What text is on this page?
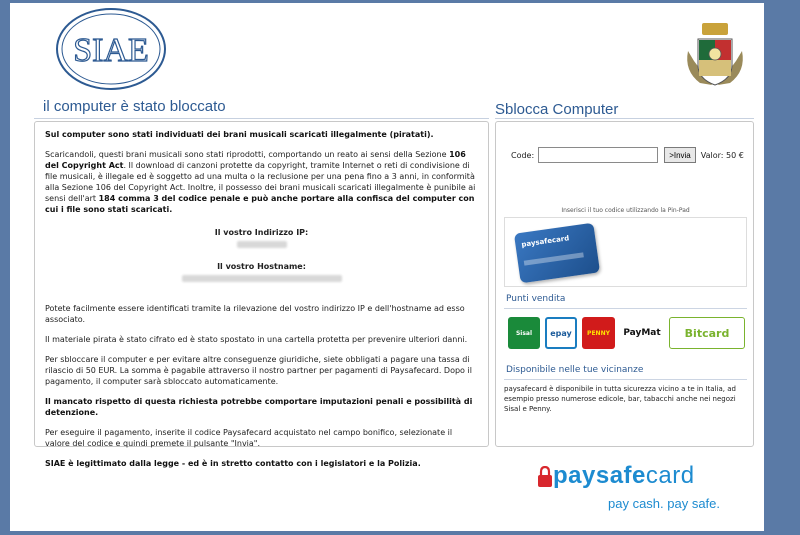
SIAE
il computer è stato bloccato	Sblocca Computer

Sul computer sono stati individuati dei brani musicali scaricati illegalmente (piratati).

Scaricandoli, questi brani musicali sono stati riprodotti, comportando un reato ai sensi della Sezione 106 del Copyright Act. Il download di canzoni protette da copyright, tramite Internet o reti di condivisione di file musicali, è illegale ed è soggetto ad una multa o la reclusione per una pena fino a 3 anni, in conformità alla Sezione 106 del Copyright Act. Inoltre, il possesso dei brani musicali scaricati illegalmente è punibile ai sensi dell'art 184 comma 3 del codice penale e può anche portare alla confisca del computer con cui i file sono stati scaricati.

Il vostro Indirizzo IP:

Il vostro Hostname:

Potete facilmente essere identificati tramite la rilevazione del vostro indirizzo IP e dell'hostname ad esso associato.

Il materiale pirata è stato cifrato ed è stato spostato in una cartella protetta per prevenire ulteriori danni.

Per sbloccare il computer e per evitare altre conseguenze giuridiche, siete obbligati a pagare una tassa di rilascio di 50 EUR. La somma è pagabile attraverso il nostro partner per pagamenti di Paysafecard. Dopo il pagamento, il computer sarà sbloccato automaticamente.

Il mancato rispetto di questa richiesta potrebbe comportare imputazioni penali e possibilità di detenzione.

Per eseguire il pagamento, inserite il codice Paysafecard acquistato nel campo bonifico, selezionate il valore del codice e quindi premete il pulsante "Invia".

SIAE è legittimato dalla legge - ed è in stretto contatto con i legislatori e la Polizia.

Code:	>Invia	Valor: 50 €
Inserisci il tuo codice utilizzando la Pin-Pad
paysafecard
Punti vendita
Sisal	epay	PENNY	PayMat	Bitcard
Disponibile nelle tue vicinanze
paysafecard è disponibile in tutta sicurezza vicino a te in Italia, ad esempio presso numerose edicole, bar, tabacchi anche nei negozi Sisal e Penny.
paysafecard
pay cash. pay safe.
